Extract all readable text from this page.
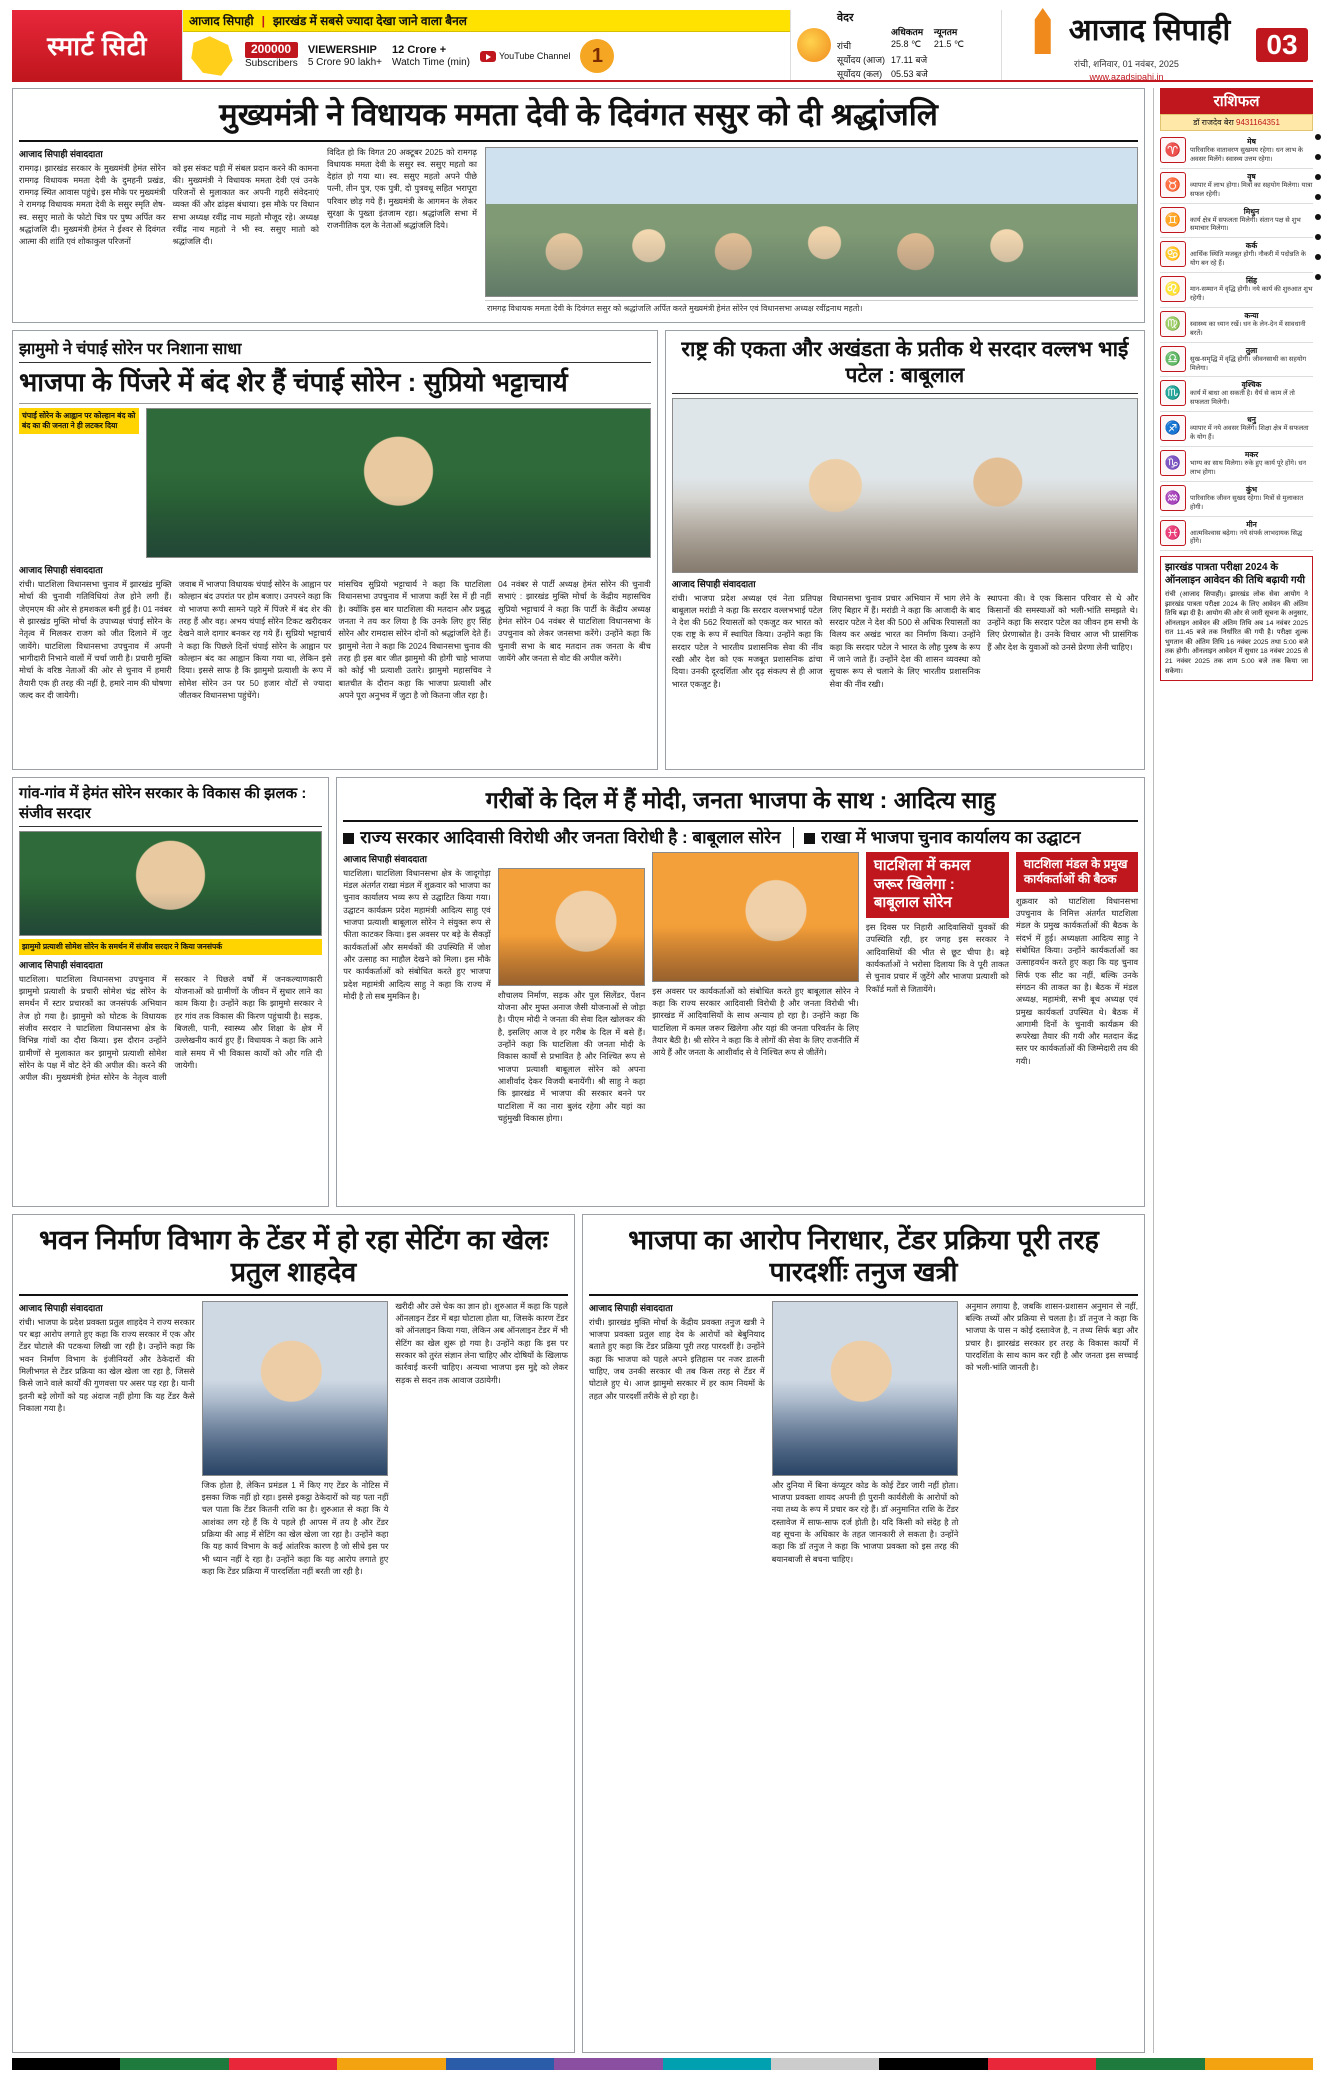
स्मार्ट सिटी
आजाद सिपाही | झारखंड में सबसे ज्यादा देखा जाने वाला बैनल
200000
Subscribers
VIEWERSHIP
5 Crore 90 lakh+
12 Crore +
Watch Time (min)
YouTube Channel	1
वेदर
अधिकतम	न्यूनतम
रांची	25.8 ℃	21.5 ℃
सूर्योदय (आज) 17.11 बजे
सूर्योदय (कल) 05.53 बजे
आजाद सिपाही
रांची, शनिवार, 01 नवंबर, 2025
www.azadsipahi.in
03
मुख्यमंत्री ने विधायक ममता देवी के दिवंगत ससुर को दी श्रद्धांजलि
आजाद सिपाही संवाददाता
रामगढ़। झारखंड सरकार के मुख्यमंत्री हेमंत सोरेन रामगढ़ विधायक ममता देवी के दुमहनी प्रखंड, रामगढ़ स्थित आवास पहुंचे। इस मौके पर मुख्यमंत्री ने रामगढ़ विधायक ममता देवी के ससुर स्मृति शेष-स्व. ससुए मातो के फोटो चित्र पर पुष्प अर्पित कर श्रद्धांजलि दी। मुख्यमंत्री हेमंत ने ईश्वर से दिवंगत आत्मा की शांति एवं शोकाकुल परिजनों
को इस संकट घड़ी में संबल प्रदान करने की कामना की। मुख्यमंत्री ने विधायक ममता देवी एवं उनके परिजनों से मुलाकात कर अपनी गहरी संवेदनाएं व्यक्त कीं और ढांढ़स बंधाया। इस मौके पर विधान सभा अध्यक्ष रवींद्र नाथ महतो मौजूद रहे। अध्यक्ष रवींद्र नाथ महतो ने भी स्व. ससुए मातो को श्रद्धांजलि दी।
विदित हो कि विगत 20 अक्टूबर 2025 को रामगढ़ विधायक ममता देवी के ससुर स्व. ससुए महतो का देहांत हो गया था। स्व. ससुए महतो अपने पीछे पत्नी, तीन पुत्र, एक पुत्री, दो पुत्रवधू सहित भरापूरा परिवार छोड़ गये हैं। मुख्यमंत्री के आगमन के लेकर सुरक्षा के पुख्ता इंतजाम रहा। श्रद्धांजलि सभा में राजनीतिक दल के नेताओं श्रद्धांजलि दिये।
रामगढ़ विधायक ममता देवी के दिवंगत ससुर को श्रद्धांजलि अर्पित करते मुख्यमंत्री हेमंत सोरेन एवं विधानसभा अध्यक्ष रवींद्रनाथ महतो।
झामुमो ने चंपाई सोरेन पर निशाना साधा
भाजपा के पिंजरे में बंद शेर हैं चंपाई सोरेन : सुप्रियो भट्टाचार्य
चंपाई सोरेन के आह्वान पर कोल्हान बंद को बंद का की जनता ने ही लटकर दिया
आजाद सिपाही संवाददाता
रांची। घाटशिला विधानसभा चुनाव में झारखंड मुक्ति मोर्चा की चुनावी गतिविधियां तेज होने लगी हैं। जेएमएम की ओर से हमशकल बनी हुई है। 01 नवंबर से झारखंड मुक्ति मोर्चा के उपाध्यक्ष चंपाई सोरेन के नेतृत्व में मिलकर राजग को जीत दिलाने में जुट जायेंगे। घाटशिला विधानसभा उपचुनाव में अपनी भागीदारी निभाने वालों में चर्चा जारी है। प्रचारी मुक्ति मोर्चा के वरिष्ठ नेताओं की ओर से चुनाव में हमारी तैयारी एक ही तरह की नहीं है, हमारे नाम की घोषणा जल्द कर दी जायेगी।
जवाब में भाजपा विधायक चंपाई सोरेन के आह्वान पर कोल्हान बंद उपरांत पर होम बजाए। उनपरने कहा कि वो भाजपा रूपी सामने पहरे में पिंजरे में बंद शेर की तरह हैं और वह। अभय चंपाई सोरेन टिकट खरीदकर देखने वाले दागार बनकर रह गये हैं। सुप्रियो भट्टाचार्य ने कहा कि पिछले दिनों चंपाई सोरेन के आह्वान पर कोल्हान बंद का आह्वान किया गया था, लेकिन इसे दिया। इससे साफ है कि झामुमो प्रत्याशी के रूप में सोमेश सोरेन उन पर 50 हजार वोटों से ज्यादा जीतकर विधानसभा पहुंचेंगे।
मांसचिव सुप्रियो भट्टाचार्य ने कहा कि घाटशिला विधानसभा उपचुनाव में भाजपा कहीं रेस में ही नहीं है। क्योंकि इस बार घाटशिला की मतदान और प्रबुद्ध जनता ने तय कर लिया है कि उनके लिए हुए सिंह सोरेन और रामदास सोरेन दोनों को श्रद्धांजलि देते हैं। झामुमो नेता ने कहा कि 2024 विधानसभा चुनाव की तरह ही इस बार जीत झामुमो की होगी चाहे भाजपा को कोई भी प्रत्याशी उतारे। झामुमो महासचिव ने बातचीत के दौरान कहा कि भाजपा प्रत्याशी और अपने पूरा अनुभव में जुटा है जो कितना जीत रहा है।
04 नवंबर से पार्टी अध्यक्ष हेमंत सोरेन की चुनावी सभाएं : झारखंड मुक्ति मोर्चा के केंद्रीय महासचिव सुप्रियो भट्टाचार्य ने कहा कि पार्टी के केंद्रीय अध्यक्ष हेमंत सोरेन 04 नवंबर से घाटशिला विधानसभा के उपचुनाव को लेकर जनसभा करेंगे। उन्होंने कहा कि चुनावी सभा के बाद मतदान तक जनता के बीच जायेंगे और जनता से वोट की अपील करेंगे।
राष्ट्र की एकता और अखंडता के प्रतीक थे सरदार वल्लभ भाई पटेल : बाबूलाल
आजाद सिपाही संवाददाता
रांची। भाजपा प्रदेश अध्यक्ष एवं नेता प्रतिपक्ष बाबूलाल मरांडी ने कहा कि सरदार वल्लभभाई पटेल ने देश की 562 रियासतों को एकजुट कर भारत को एक राष्ट्र के रूप में स्थापित किया। उन्होंने कहा कि सरदार पटेल ने भारतीय प्रशासनिक सेवा की नींव रखी और देश को एक मजबूत प्रशासनिक ढांचा दिया। उनकी दूरदर्शिता और दृढ़ संकल्प से ही आज भारत एकजुट है।
विधानसभा चुनाव प्रचार अभियान में भाग लेने के लिए बिहार में हैं। मरांडी ने कहा कि आजादी के बाद सरदार पटेल ने देश की 500 से अधिक रियासतों का विलय कर अखंड भारत का निर्माण किया। उन्होंने कहा कि सरदार पटेल ने भारत के लौह पुरुष के रूप में जाने जाते हैं। उन्होंने देश की शासन व्यवस्था को सुचारू रूप से चलाने के लिए भारतीय प्रशासनिक सेवा की नींव रखी।
स्थापना की। वे एक किसान परिवार से थे और किसानों की समस्याओं को भली-भांति समझते थे। उन्होंने कहा कि सरदार पटेल का जीवन हम सभी के लिए प्रेरणास्रोत है। उनके विचार आज भी प्रासंगिक हैं और देश के युवाओं को उनसे प्रेरणा लेनी चाहिए।
गांव-गांव में हेमंत सोरेन सरकार के विकास की झलक : संजीव सरदार
झामुमो प्रत्याशी सोमेश सोरेन के समर्थन में संजीव सरदार ने किया जनसंपर्क
आजाद सिपाही संवाददाता
घाटशिला। घाटशिला विधानसभा उपचुनाव में झामुमो प्रत्याशी के प्रचारी सोमेश चंद्र सोरेन के समर्थन में स्टार प्रचारकों का जनसंपर्क अभियान तेज हो गया है। झामुमो को घोटक के विधायक संजीव सरदार ने घाटशिला विधानसभा क्षेत्र के विभिन्न गांवों का दौरा किया। इस दौरान उन्होंने ग्रामीणों से मुलाकात कर झामुमो प्रत्याशी सोमेश सोरेन के पक्ष में वोट देने की अपील की। करने की अपील की। मुख्यमंत्री हेमंत सोरेन के नेतृत्व वाली सरकार ने पिछले वर्षों में जनकल्याणकारी योजनाओं को ग्रामीणों के जीवन में सुधार लाने का काम किया है। उन्होंने कहा कि झामुमो सरकार ने हर गांव तक विकास की किरण पहुंचायी है। सड़क, बिजली, पानी, स्वास्थ्य और शिक्षा के क्षेत्र में उल्लेखनीय कार्य हुए हैं। विधायक ने कहा कि आने वाले समय में भी विकास कार्यों को और गति दी जायेगी।
गरीबों के दिल में हैं मोदी, जनता भाजपा के साथ : आदित्य साहु
राज्य सरकार आदिवासी विरोधी और जनता विरोधी है : बाबूलाल सोरेन राखा में भाजपा चुनाव कार्यालय का उद्घाटन
आजाद सिपाही संवाददाता
घाटशिला। घाटशिला विधानसभा क्षेत्र के जादूगोड़ा मंडल अंतर्गत राखा मंडल में शुक्रवार को भाजपा का चुनाव कार्यालय भव्य रूप से उद्घाटित किया गया। उद्घाटन कार्यक्रम प्रदेश महामंत्री आदित्य साहु एवं भाजपा प्रत्याशी बाबूलाल सोरेन ने संयुक्त रूप से फीता काटकर किया। इस अवसर पर बड़े के सैकड़ों कार्यकर्ताओं और समर्थकों की उपस्थिति में जोश और उत्साह का माहौल देखने को मिला। इस मौके पर कार्यकर्ताओं को संबोधित करते हुए भाजपा प्रदेश महामंत्री आदित्य साहु ने कहा कि राज्य में मोदी है तो सब मुमकिन है।	शौचालय निर्माण, सड़क और पुल सिलेंडर, पेंशन योजना और मुफ्त अनाज जैसी योजनाओं से जोड़ा है। पीएम मोदी ने जनता की सेवा दिल खोलकर की है, इसलिए आज वे हर गरीब के दिल में बसे हैं। उन्होंने कहा कि घाटशिला की जनता मोदी के विकास कार्यों से प्रभावित है और निश्चित रूप से भाजपा प्रत्याशी बाबूलाल सोरेन को अपना आशीर्वाद देकर विजयी बनायेंगी। श्री साहु ने कहा कि झारखंड में भाजपा की सरकार बनने पर घाटशिला में का नारा बुलंद रहेगा और यहां का चहुंमुखी विकास होगा।
इस अवसर पर कार्यकर्ताओं को संबोधित करते हुए बाबूलाल सोरेन ने कहा कि राज्य सरकार आदिवासी विरोधी है और जनता विरोधी भी। झारखंड में आदिवासियों के साथ अन्याय हो रहा है। उन्होंने कहा कि घाटशिला में कमल जरूर खिलेगा और यहां की जनता परिवर्तन के लिए तैयार बैठी है। श्री सोरेन ने कहा कि वे लोगों की सेवा के लिए राजनीति में आये हैं और जनता के आशीर्वाद से वे निश्चित रूप से जीतेंगे।
घाटशिला में कमल जरूर खिलेगा : बाबूलाल सोरेन
इस दिवस पर निहारी आदिवासियों युवकों की उपस्थिति रही, हर जगह इस सरकार ने आदिवासियों की भीत से छूट चीपा है। बड़े कार्यकर्ताओं ने भरोसा दिलाया कि वे पूरी ताकत से चुनाव प्रचार में जुटेंगे और भाजपा प्रत्याशी को रिकॉर्ड मतों से जितायेंगे।
घाटशिला मंडल के प्रमुख कार्यकर्ताओं की बैठक
शुक्रवार को घाटशिला विधानसभा उपचुनाव के निमित्त अंतर्गत घाटशिला मंडल के प्रमुख कार्यकर्ताओं की बैठक के संदर्भ में हुई। अध्यक्षता आदित्य साहु ने संबोधित किया। उन्होंने कार्यकर्ताओं का उत्साहवर्धन करते हुए कहा कि यह चुनाव सिर्फ एक सीट का नहीं, बल्कि उनके संगठन की ताकत का है। बैठक में मंडल अध्यक्ष, महामंत्री, सभी बूथ अध्यक्ष एवं प्रमुख कार्यकर्ता उपस्थित थे। बैठक में आगामी दिनों के चुनावी कार्यक्रम की रूपरेखा तैयार की गयी और मतदान केंद्र स्तर पर कार्यकर्ताओं की जिम्मेदारी तय की गयी।
भवन निर्माण विभाग के टेंडर में हो रहा सेटिंग का खेलः प्रतुल शाहदेव
आजाद सिपाही संवाददाता
रांची। भाजपा के प्रदेश प्रवक्ता प्रतुल शाहदेव ने राज्य सरकार पर बड़ा आरोप लगाते हुए कहा कि राज्य सरकार में एक और टेंडर घोटाले की पटकथा लिखी जा रही है। उन्होंने कहा कि भवन निर्माण विभाग के इंजीनियरों और ठेकेदारों की मिलीभगत से टेंडर प्रक्रिया का खेल खेला जा रहा है, जिससे किसे जाने वाले कार्यों की गुणवत्ता पर असर पड़ रहा है। यानी इतनी बड़े लोगों को यह अंदाज नहीं होगा कि यह टेंडर कैसे निकाला गया है।
जिक होता है, लेकिन प्रमंडल 1 में किए गए टेंडर के नोटिस में इसका जिक नहीं हो रहा। इससे इकट्ठा ठेकेदारों को यह पता नहीं चल पाता कि टेंडर कितनी राशि का है। शुरुआत से कहा कि ये आशंका लग रहे हैं कि ये पहले ही आपस में तय है और टेंडर प्रक्रिया की आड़ में सेटिंग का खेल खेला जा रहा है। उन्होंने कहा कि यह कार्य विभाग के कई आंतरिक कारण है जो सीधे इस पर भी ध्यान नहीं दे रहा है। उन्होंने कहा कि यह आरोप लगाते हुए कहा कि टेंडर प्रक्रिया में पारदर्शिता नहीं बरती जा रही है।
खरीदी और उसे चेक का ज्ञान हो। शुरुआत में कहा कि पहले ऑनलाइन टेंडर में बड़ा घोटाला होता था, जिसके कारण टेंडर को ऑनलाइन किया गया, लेकिन अब ऑनलाइन टेंडर में भी सेटिंग का खेल शुरू हो गया है। उन्होंने कहा कि इस पर सरकार को तुरंत संज्ञान लेना चाहिए और दोषियों के खिलाफ कार्रवाई करनी चाहिए। अन्यथा भाजपा इस मुद्दे को लेकर सड़क से सदन तक आवाज उठायेगी।
भाजपा का आरोप निराधार, टेंडर प्रक्रिया पूरी तरह पारदर्शीः तनुज खत्री
आजाद सिपाही संवाददाता
रांची। झारखंड मुक्ति मोर्चा के केंद्रीय प्रवक्ता तनुज खत्री ने भाजपा प्रवक्ता प्रतुल शाह देव के आरोपों को बेबुनियाद बताते हुए कहा कि टेंडर प्रक्रिया पूरी तरह पारदर्शी है। उन्होंने कहा कि भाजपा को पहले अपने इतिहास पर नजर डालनी चाहिए, जब उनकी सरकार थी तब किस तरह से टेंडर में घोटाले हुए थे। आज झामुमो सरकार में हर काम नियमों के तहत और पारदर्शी तरीके से हो रहा है।
और दुनिया में बिना कंप्यूटर कोड के कोई टेंडर जारी नहीं होता। भाजपा प्रवक्ता शायद अपनी ही पुरानी कार्यशैली के आरोपों को नया तथ्य के रूप में प्रचार कर रहे हैं। डॉ अनुमानित राशि के टेंडर दस्तावेज में साफ-साफ दर्ज होती है। यदि किसी को संदेह है तो वह सूचना के अधिकार के तहत जानकारी ले सकता है। उन्होंने कहा कि डॉ तनुज ने कहा कि भाजपा प्रवक्ता को इस तरह की बयानबाजी से बचना चाहिए।
अनुमान लगाया है, जबकि शासन-प्रशासन अनुमान से नहीं, बल्कि तथ्यों और प्रक्रिया से चलता है। डॉ तनुज ने कहा कि भाजपा के पास न कोई दस्तावेज है, न तथ्य सिर्फ बड़ा और प्रचार है। झारखंड सरकार हर तरह के विकास कार्यों में पारदर्शिता के साथ काम कर रही है और जनता इस सच्चाई को भली-भांति जानती है।
राशिफल
डॉ राजदेव बेरा 9431164351
♈
मेष
पारिवारिक वातावरण सुखमय रहेगा। धन लाभ के अवसर मिलेंगे। स्वास्थ्य उत्तम रहेगा।
♉
वृष
व्यापार में लाभ होगा। मित्रों का सहयोग मिलेगा। यात्रा सफल रहेगी।
♊
मिथुन
कार्य क्षेत्र में सफलता मिलेगी। संतान पक्ष से शुभ समाचार मिलेगा।
♋
कर्क
आर्थिक स्थिति मजबूत होगी। नौकरी में पदोन्नति के योग बन रहे हैं।
♌
सिंह
मान-सम्मान में वृद्धि होगी। नये कार्य की शुरुआत शुभ रहेगी।
♍
कन्या
स्वास्थ्य का ध्यान रखें। धन के लेन-देन में सावधानी बरतें।
♎
तुला
सुख-समृद्धि में वृद्धि होगी। जीवनसाथी का सहयोग मिलेगा।
♏
वृश्चिक
कार्य में बाधा आ सकती है। धैर्य से काम लें तो सफलता मिलेगी।
♐
धनु
व्यापार में नये अवसर मिलेंगे। शिक्षा क्षेत्र में सफलता के योग हैं।
♑
मकर
भाग्य का साथ मिलेगा। रुके हुए कार्य पूरे होंगे। धन लाभ होगा।
♒
कुंभ
पारिवारिक जीवन सुखद रहेगा। मित्रों से मुलाकात होगी।
♓
मीन
आत्मविश्वास बढ़ेगा। नये संपर्क लाभदायक सिद्ध होंगे।
झारखंड पात्रता परीक्षा 2024 के ऑनलाइन आवेदन की तिथि बढ़ायी गयी

रांची (आजाद सिपाही)। झारखंड लोक सेवा आयोग ने झारखंड पात्रता परीक्षा 2024 के लिए आवेदन की अंतिम तिथि बढ़ा दी है। आयोग की ओर से जारी सूचना के अनुसार, ऑनलाइन आवेदन की अंतिम तिथि अब 14 नवंबर 2025 रात 11.45 बजे तक निर्धारित की गयी है। परीक्षा शुल्क भुगतान की अंतिम तिथि 16 नवंबर 2025 तथा 5:00 बजे तक होगी। ऑनलाइन आवेदन में सुधार 18 नवंबर 2025 से 21 नवंबर 2025 तक शाम 5:00 बजे तक किया जा सकेगा।
